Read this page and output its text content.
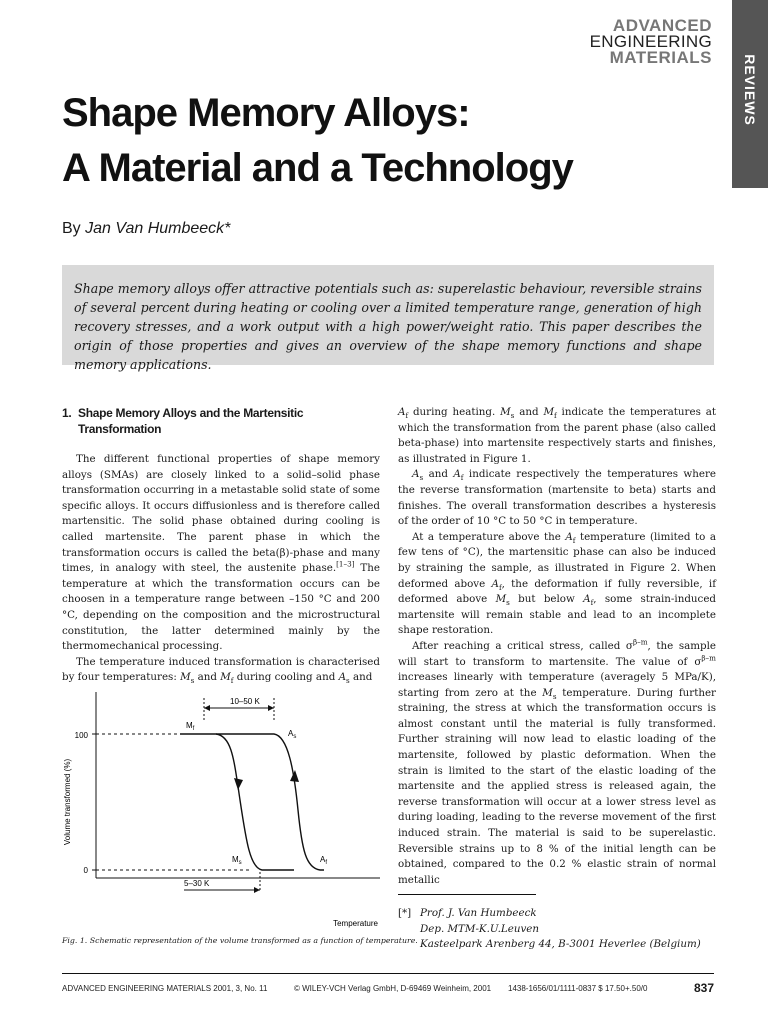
ADVANCED
ENGINEERING
MATERIALS REVIEWS
Shape Memory Alloys:
A Material and a Technology
By Jan Van Humbeeck*
Shape memory alloys offer attractive potentials such as: superelastic behaviour, reversible strains of several percent during heating or cooling over a limited temperature range, generation of high recovery stresses, and a work output with a high power/weight ratio. This paper describes the origin of those properties and gives an overview of the shape memory functions and shape memory applications.
1. Shape Memory Alloys and the Martensitic
Transformation

The different functional properties of shape memory alloys (SMAs) are closely linked to a solid–solid phase transformation occurring in a metastable solid state of some specific alloys. It occurs diffusionless and is therefore called martensitic. The solid phase obtained during cooling is called martensite. The parent phase in which the transformation occurs is called the beta(β)-phase and many times, in analogy with steel, the austenite phase.[1–3] The temperature at which the transformation occurs can be choosen in a temperature range between –150 °C and 200 °C, depending on the composition and the microstructural constitution, the latter determined mainly by the thermomechanical processing.

The temperature induced transformation is characterised by four temperatures: $M_s$ and $M_f$ during cooling and $A_s$ and

100
0
10–50 K
5–30 K
$M_f$	$A_s$
$M_s$	$A_f$
Volume transformed (%)
Temperature
Fig. 1. Schematic representation of the volume transformed as a function of temperature.

$A_f$ during heating. $M_s$ and $M_f$ indicate the temperatures at which the transformation from the parent phase (also called beta-phase) into martensite respectively starts and finishes, as illustrated in Figure 1.

$A_s$ and $A_f$ indicate respectively the temperatures where the reverse transformation (martensite to beta) starts and finishes. The overall transformation describes a hysteresis of the order of 10 °C to 50 °C in temperature.

At a temperature above the $A_f$ temperature (limited to a few tens of °C), the martensitic phase can also be induced by straining the sample, as illustrated in Figure 2. When deformed above $A_f$, the deformation if fully reversible, if deformed above $M_s$ but below $A_f$, some strain-induced martensite will remain stable and lead to an incomplete shape restoration.

After reaching a critical stress, called $\sigma^{\beta-m}$, the sample will start to transform to martensite. The value of $\sigma^{\beta-m}$ increases linearly with temperature (averagely 5 MPa/K), starting from zero at the $M_s$ temperature. During further straining, the stress at which the transformation occurs is almost constant until the material is fully transformed. Further straining will now lead to elastic loading of the martensite, followed by plastic deformation. When the strain is limited to the start of the elastic loading of the martensite and the applied stress is released again, the reverse transformation will occur at a lower stress level as during loading, leading to the reverse movement of the first induced strain. The material is said to be superelastic. Reversible strains up to 8 % of the initial length can be obtained, compared to the 0.2 % elastic strain of normal metallic

[*] Prof. J. Van Humbeeck
Dep. MTM-K.U.Leuven
Kasteelpark Arenberg 44, B-3001 Heverlee (Belgium)
ADVANCED ENGINEERING MATERIALS 2001, 3, No. 11	© WILEY-VCH Verlag GmbH, D-69469 Weinheim, 2001 1438-1656/01/1111-0837 $ 17.50+.50/0	837
